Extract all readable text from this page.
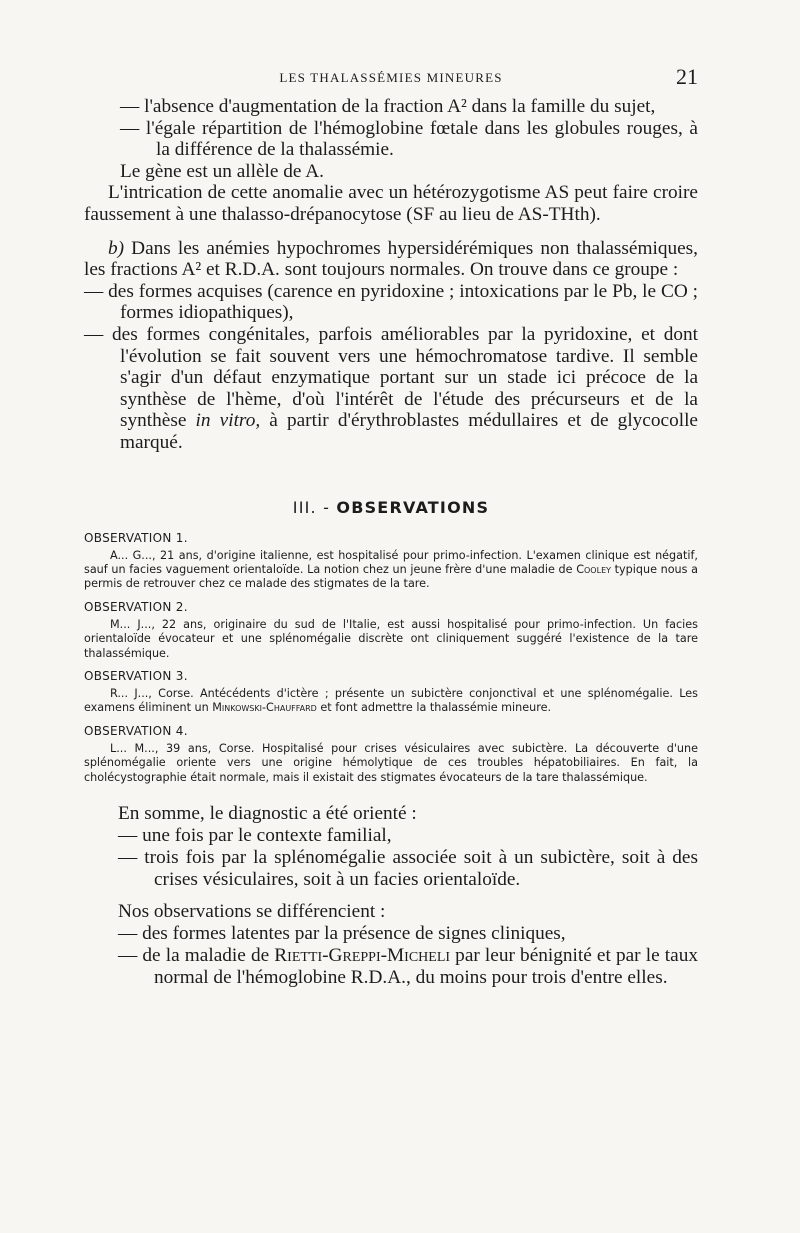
LES THALASSÉMIES MINEURES	21

— l'absence d'augmentation de la fraction A² dans la famille du sujet,

— l'égale répartition de l'hémoglobine fœtale dans les globules rouges, à la différence de la thalassémie.

Le gène est un allèle de A.

L'intrication de cette anomalie avec un hétérozygotisme AS peut faire croire faussement à une thalasso-drépanocytose (SF au lieu de AS-THth).

b) Dans les anémies hypochromes hypersidérémiques non thalassémiques, les fractions A² et R.D.A. sont toujours normales. On trouve dans ce groupe :

— des formes acquises (carence en pyridoxine ; intoxications par le Pb, le CO ; formes idiopathiques),

— des formes congénitales, parfois améliorables par la pyridoxine, et dont l'évolution se fait souvent vers une hémochromatose tardive. Il semble s'agir d'un défaut enzymatique portant sur un stade ici précoce de la synthèse de l'hème, d'où l'intérêt de l'étude des précurseurs et de la synthèse in vitro, à partir d'érythroblastes médullaires et de glycocolle marqué.

III. - OBSERVATIONS
OBSERVATION 1.

A... G..., 21 ans, d'origine italienne, est hospitalisé pour primo-infection. L'examen clinique est négatif, sauf un facies vaguement orientaloïde. La notion chez un jeune frère d'une maladie de Cooley typique nous a permis de retrouver chez ce malade des stigmates de la tare.

OBSERVATION 2.

M... J..., 22 ans, originaire du sud de l'Italie, est aussi hospitalisé pour primo-infection. Un facies orientaloïde évocateur et une splénomégalie discrète ont cliniquement suggéré l'existence de la tare thalassémique.

OBSERVATION 3.

R... J..., Corse. Antécédents d'ictère ; présente un subictère conjonctival et une splénomégalie. Les examens éliminent un Minkowski-Chauffard et font admettre la thalassémie mineure.

OBSERVATION 4.

L... M..., 39 ans, Corse. Hospitalisé pour crises vésiculaires avec subictère. La découverte d'une splénomégalie oriente vers une origine hémolytique de ces troubles hépatobiliaires. En fait, la cholécystographie était normale, mais il existait des stigmates évocateurs de la tare thalassémique.

En somme, le diagnostic a été orienté :

— une fois par le contexte familial,

— trois fois par la splénomégalie associée soit à un subictère, soit à des crises vésiculaires, soit à un facies orientaloïde.

Nos observations se différencient :

— des formes latentes par la présence de signes cliniques,

— de la maladie de Rietti-Greppi-Micheli par leur bénignité et par le taux normal de l'hémoglobine R.D.A., du moins pour trois d'entre elles.
